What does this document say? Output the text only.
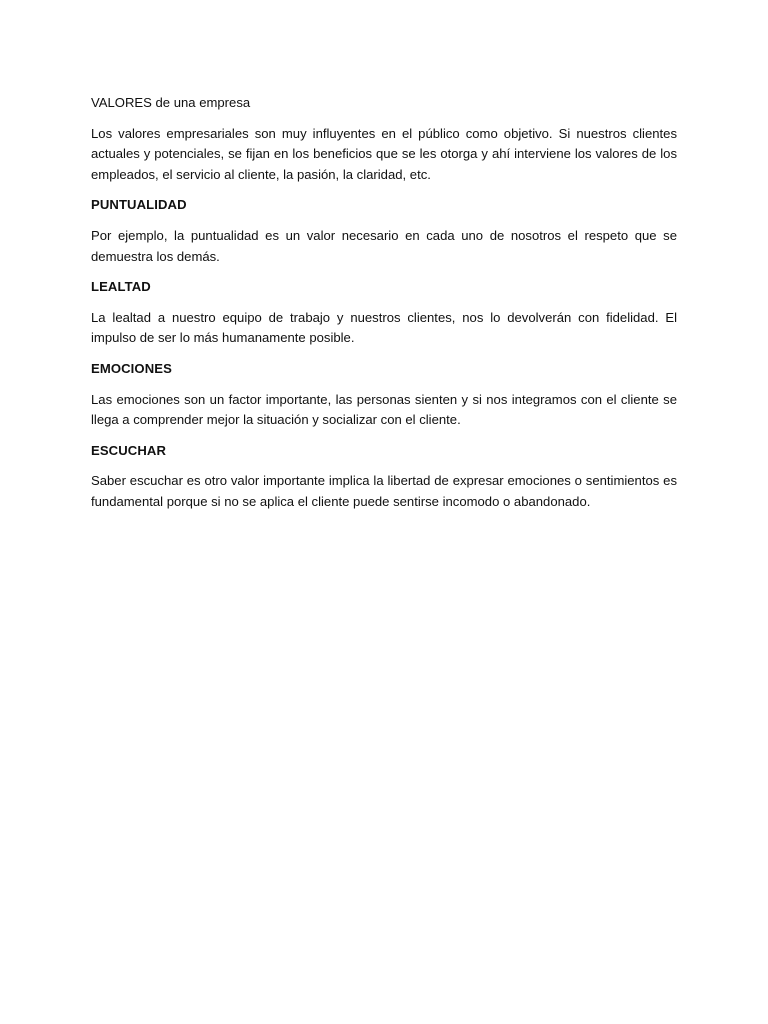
VALORES de una empresa

Los valores empresariales son muy influyentes en el público como objetivo. Si nuestros clientes actuales y potenciales, se fijan en los beneficios que se les otorga y ahí interviene los valores de los empleados, el servicio al cliente, la pasión, la claridad, etc.

PUNTUALIDAD

Por ejemplo, la puntualidad es un valor necesario en cada uno de nosotros el respeto que se demuestra los demás.

LEALTAD

La lealtad a nuestro equipo de trabajo y nuestros clientes, nos lo devolverán con fidelidad. El impulso de ser lo más humanamente posible.

EMOCIONES

Las emociones son un factor importante, las personas sienten y si nos integramos con el cliente se llega a comprender mejor la situación y socializar con el cliente.

ESCUCHAR

Saber escuchar es otro valor importante implica la libertad de expresar emociones o sentimientos es fundamental porque si no se aplica el cliente puede sentirse incomodo o abandonado.
